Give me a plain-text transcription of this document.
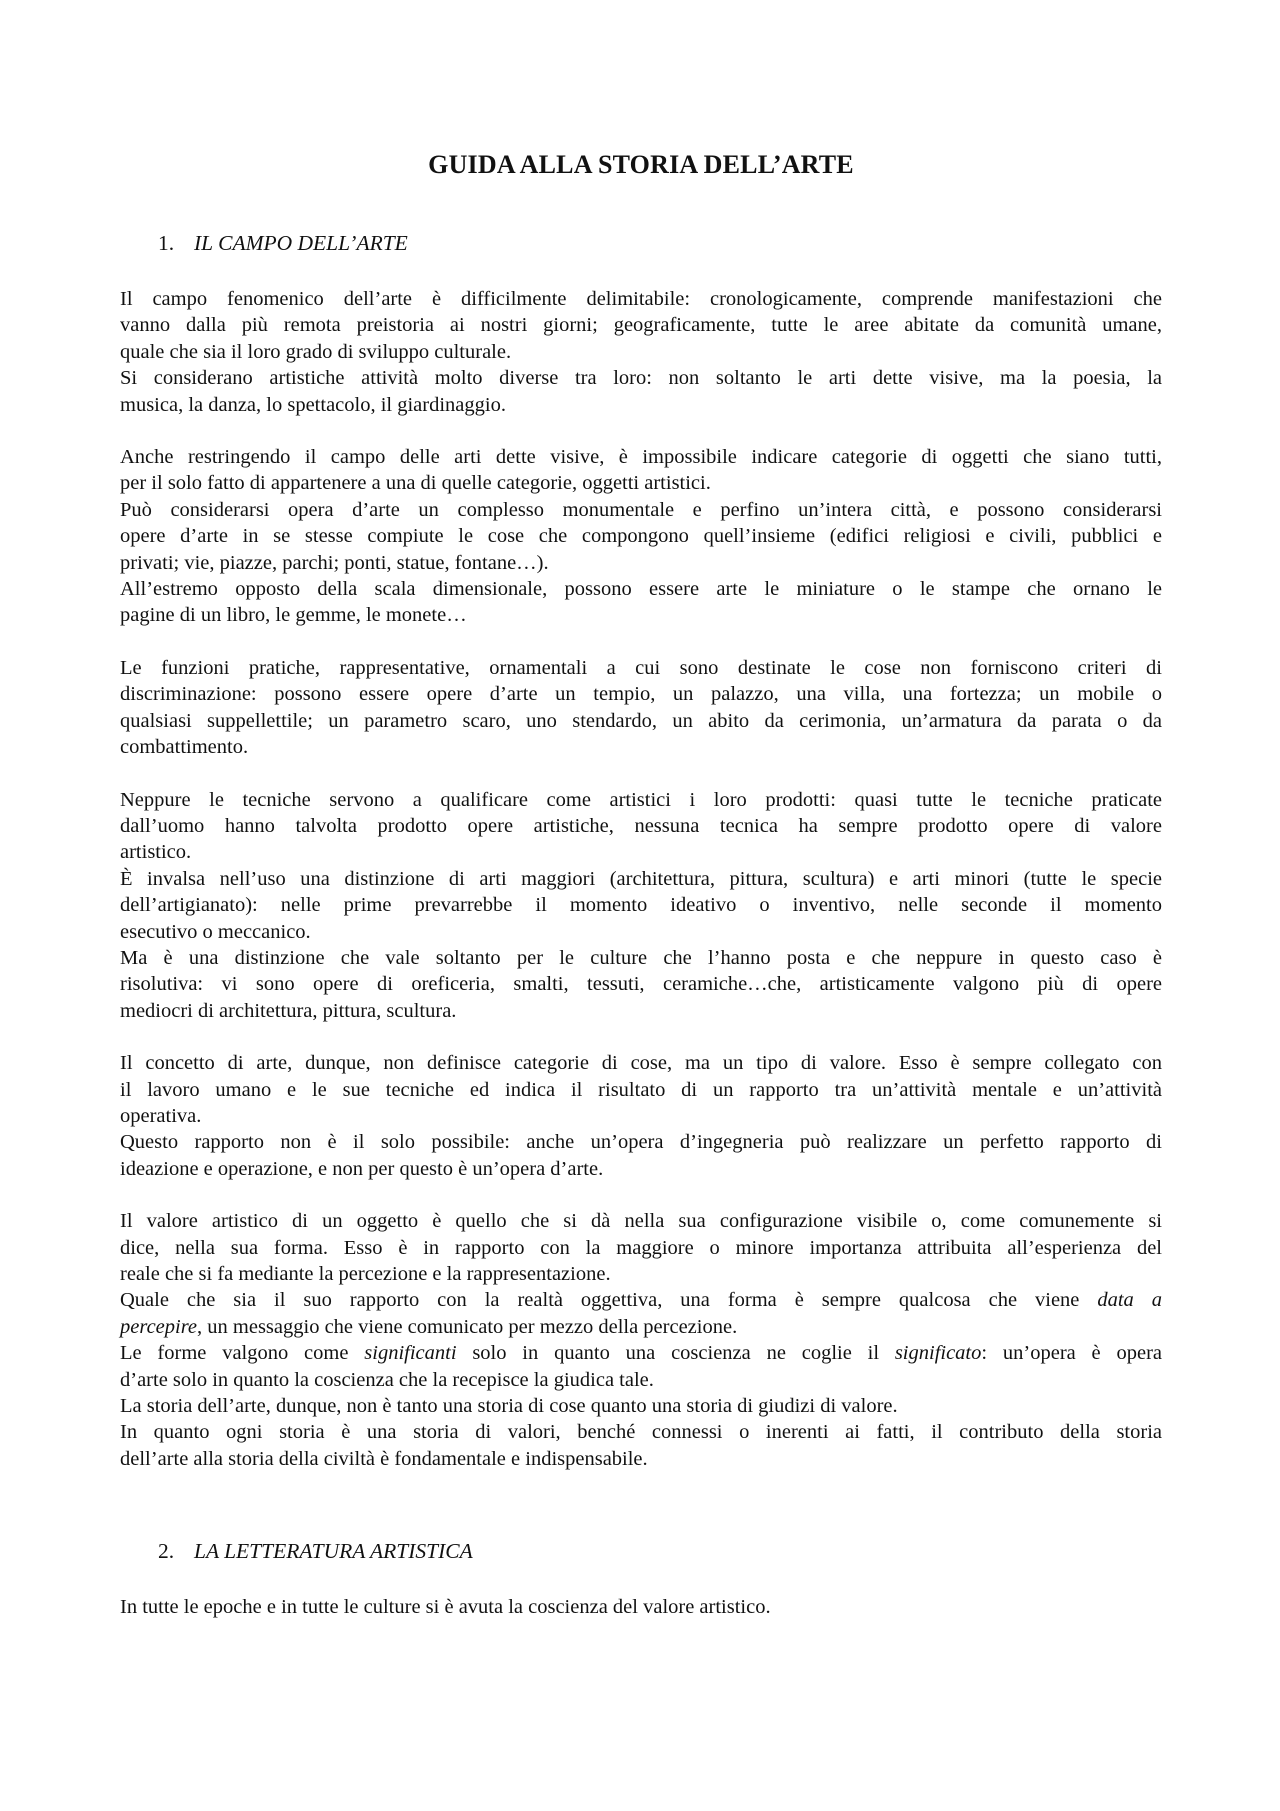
GUIDA ALLA STORIA DELL’ARTE
1. IL CAMPO DELL’ARTE
Il campo fenomenico dell’arte è difficilmente delimitabile: cronologicamente, comprende manifestazioni che
vanno dalla più remota preistoria ai nostri giorni; geograficamente, tutte le aree abitate da comunità umane,
quale che sia il loro grado di sviluppo culturale.
Si considerano artistiche attività molto diverse tra loro: non soltanto le arti dette visive, ma la poesia, la
musica, la danza, lo spettacolo, il giardinaggio.
Anche restringendo il campo delle arti dette visive, è impossibile indicare categorie di oggetti che siano tutti,
per il solo fatto di appartenere a una di quelle categorie, oggetti artistici.
Può considerarsi opera d’arte un complesso monumentale e perfino un’intera città, e possono considerarsi
opere d’arte in se stesse compiute le cose che compongono quell’insieme (edifici religiosi e civili, pubblici e
privati; vie, piazze, parchi; ponti, statue, fontane…).
All’estremo opposto della scala dimensionale, possono essere arte le miniature o le stampe che ornano le
pagine di un libro, le gemme, le monete…
Le funzioni pratiche, rappresentative, ornamentali a cui sono destinate le cose non forniscono criteri di
discriminazione: possono essere opere d’arte un tempio, un palazzo, una villa, una fortezza; un mobile o
qualsiasi suppellettile; un parametro scaro, uno stendardo, un abito da cerimonia, un’armatura da parata o da
combattimento.
Neppure le tecniche servono a qualificare come artistici i loro prodotti: quasi tutte le tecniche praticate
dall’uomo hanno talvolta prodotto opere artistiche, nessuna tecnica ha sempre prodotto opere di valore
artistico.
È invalsa nell’uso una distinzione di arti maggiori (architettura, pittura, scultura) e arti minori (tutte le specie
dell’artigianato): nelle prime prevarrebbe il momento ideativo o inventivo, nelle seconde il momento
esecutivo o meccanico.
Ma è una distinzione che vale soltanto per le culture che l’hanno posta e che neppure in questo caso è
risolutiva: vi sono opere di oreficeria, smalti, tessuti, ceramiche…che, artisticamente valgono più di opere
mediocri di architettura, pittura, scultura.
Il concetto di arte, dunque, non definisce categorie di cose, ma un tipo di valore. Esso è sempre collegato con
il lavoro umano e le sue tecniche ed indica il risultato di un rapporto tra un’attività mentale e un’attività
operativa.
Questo rapporto non è il solo possibile: anche un’opera d’ingegneria può realizzare un perfetto rapporto di
ideazione e operazione, e non per questo è un’opera d’arte.
Il valore artistico di un oggetto è quello che si dà nella sua configurazione visibile o, come comunemente si
dice, nella sua forma. Esso è in rapporto con la maggiore o minore importanza attribuita all’esperienza del
reale che si fa mediante la percezione e la rappresentazione.
Quale che sia il suo rapporto con la realtà oggettiva, una forma è sempre qualcosa che viene data a
percepire, un messaggio che viene comunicato per mezzo della percezione.
Le forme valgono come significanti solo in quanto una coscienza ne coglie il significato: un’opera è opera
d’arte solo in quanto la coscienza che la recepisce la giudica tale.
La storia dell’arte, dunque, non è tanto una storia di cose quanto una storia di giudizi di valore.
In quanto ogni storia è una storia di valori, benché connessi o inerenti ai fatti, il contributo della storia
dell’arte alla storia della civiltà è fondamentale e indispensabile.
2. LA LETTERATURA ARTISTICA
In tutte le epoche e in tutte le culture si è avuta la coscienza del valore artistico.
